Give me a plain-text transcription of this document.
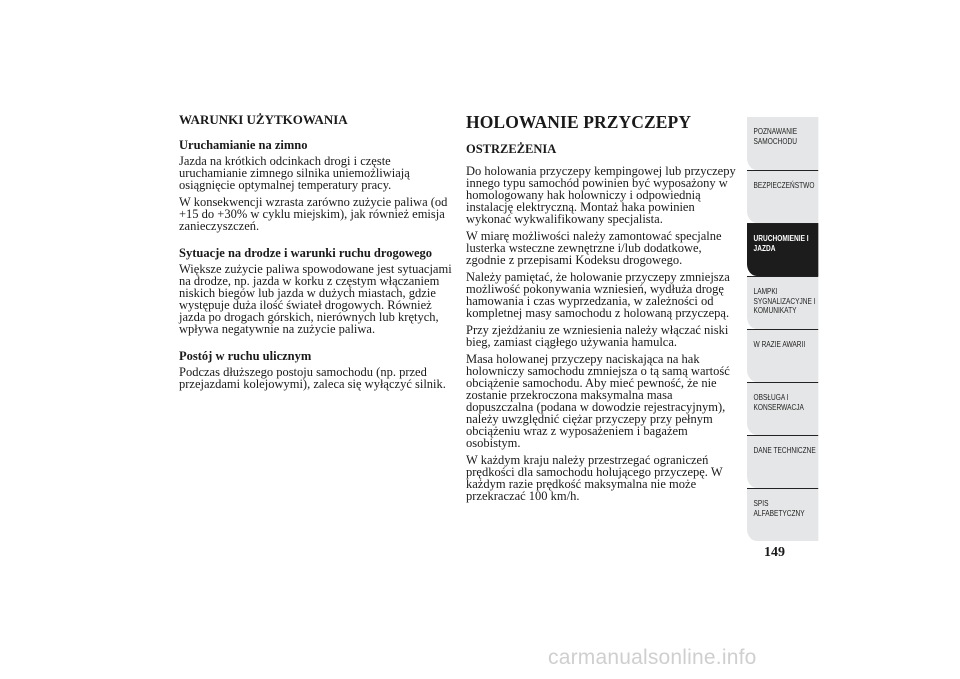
WARUNKI UŻYTKOWANIA
Uruchamianie na zimno

Jazda na krótkich odcinkach drogi i częste uruchamianie zimnego silnika uniemożliwiają osiągnięcie optymalnej temperatury pracy.

W konsekwencji wzrasta zarówno zużycie paliwa (od +15 do +30% w cyklu miejskim), jak również emisja zanieczyszczeń.

Sytuacje na drodze i warunki ruchu drogowego

Większe zużycie paliwa spowodowane jest sytuacjami na drodze, np. jazda w korku z częstym włączaniem niskich biegów lub jazda w dużych miastach, gdzie występuje duża ilość świateł drogowych. Również jazda po drogach górskich, nierównych lub krętych, wpływa negatywnie na zużycie paliwa.

Postój w ruchu ulicznym

Podczas dłuższego postoju samochodu (np. przed przejazdami kolejowymi), zaleca się wyłączyć silnik.

HOLOWANIE PRZYCZEPY
OSTRZEŻENIA

Do holowania przyczepy kempingowej lub przyczepy innego typu samochód powinien być wyposażony w homologowany hak holowniczy i odpowiednią instalację elektryczną. Montaż haka powinien wykonać wykwalifikowany specjalista.

W miarę możliwości należy zamontować specjalne lusterka wsteczne zewnętrzne i/lub dodatkowe, zgodnie z przepisami Kodeksu drogowego.

Należy pamiętać, że holowanie przyczepy zmniejsza możliwość pokonywania wzniesień, wydłuża drogę hamowania i czas wyprzedzania, w zależności od kompletnej masy samochodu z holowaną przyczepą.

Przy zjeżdżaniu ze wzniesienia należy włączać niski bieg, zamiast ciągłego używania hamulca.

Masa holowanej przyczepy naciskająca na hak holowniczy samochodu zmniejsza o tą samą wartość obciążenie samochodu. Aby mieć pewność, że nie zostanie przekroczona maksymalna masa dopuszczalna (podana w dowodzie rejestracyjnym), należy uwzględnić ciężar przyczepy przy pełnym obciążeniu wraz z wyposażeniem i bagażem osobistym.

W każdym kraju należy przestrzegać ograniczeń prędkości dla samochodu holującego przyczepę. W każdym razie prędkość maksymalna nie może przekraczać 100 km/h.

POZNAWANIE SAMOCHODU
BEZPIECZEŃSTWO
URUCHOMIENIE I JAZDA
LAMPKI SYGNALIZACYJNE I KOMUNIKATY
W RAZIE AWARII
OBSŁUGA I KONSERWACJA
DANE TECHNICZNE
SPIS ALFABETYCZNY
149
carmanualsonline.info
